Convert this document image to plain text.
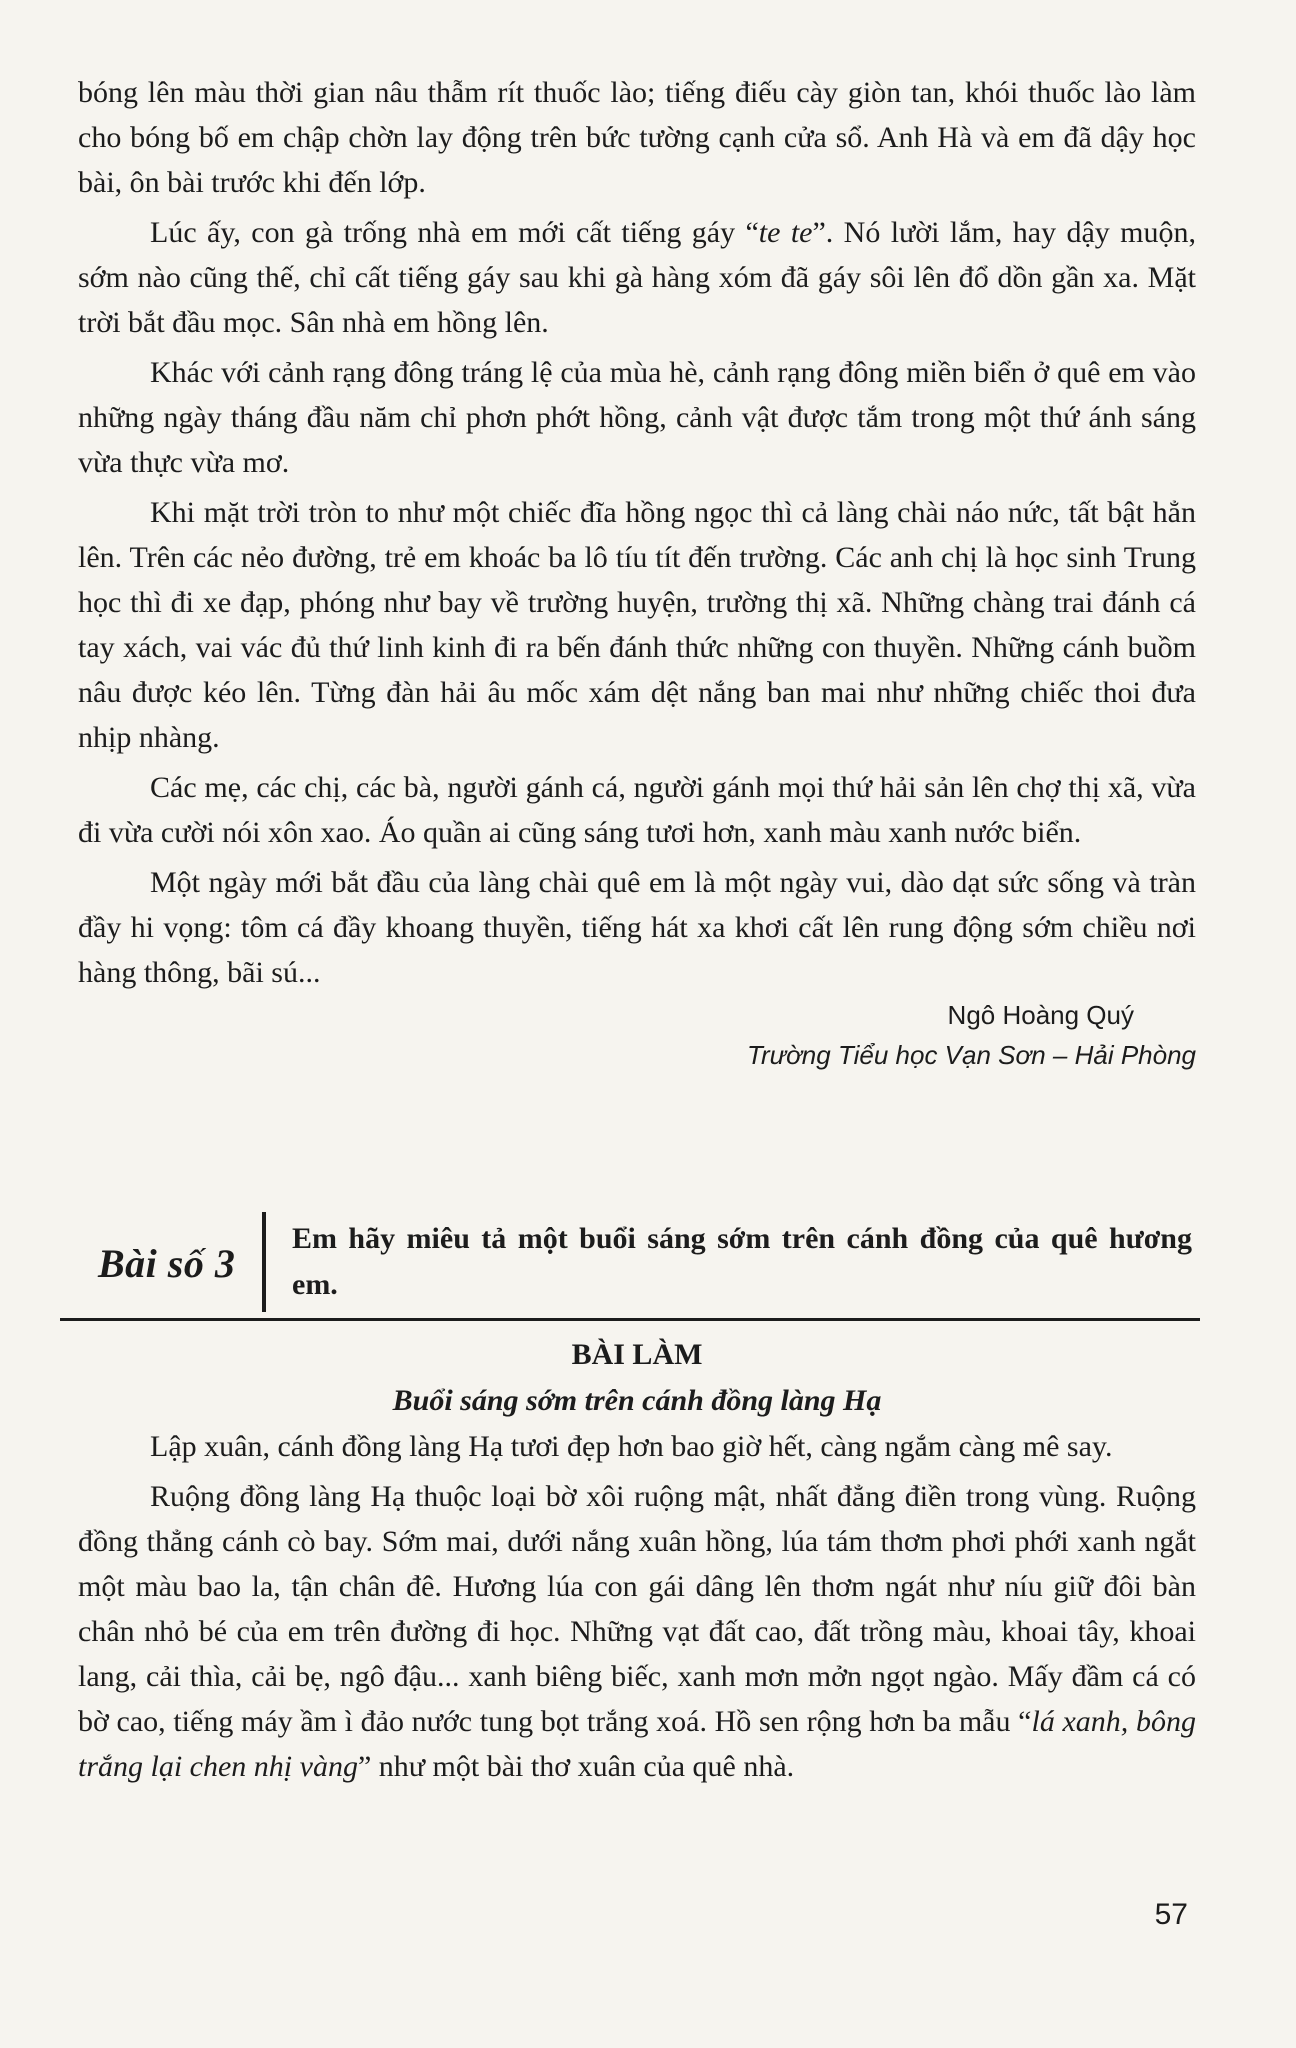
bóng lên màu thời gian nâu thẫm rít thuốc lào; tiếng điếu cày giòn tan, khói thuốc lào làm cho bóng bố em chập chờn lay động trên bức tường cạnh cửa sổ. Anh Hà và em đã dậy học bài, ôn bài trước khi đến lớp.

Lúc ấy, con gà trống nhà em mới cất tiếng gáy “te te”. Nó lười lắm, hay dậy muộn, sớm nào cũng thế, chỉ cất tiếng gáy sau khi gà hàng xóm đã gáy sôi lên đổ dồn gần xa. Mặt trời bắt đầu mọc. Sân nhà em hồng lên.

Khác với cảnh rạng đông tráng lệ của mùa hè, cảnh rạng đông miền biển ở quê em vào những ngày tháng đầu năm chỉ phơn phớt hồng, cảnh vật được tắm trong một thứ ánh sáng vừa thực vừa mơ.

Khi mặt trời tròn to như một chiếc đĩa hồng ngọc thì cả làng chài náo nức, tất bật hẳn lên. Trên các nẻo đường, trẻ em khoác ba lô tíu tít đến trường. Các anh chị là học sinh Trung học thì đi xe đạp, phóng như bay về trường huyện, trường thị xã. Những chàng trai đánh cá tay xách, vai vác đủ thứ linh kinh đi ra bến đánh thức những con thuyền. Những cánh buồm nâu được kéo lên. Từng đàn hải âu mốc xám dệt nắng ban mai như những chiếc thoi đưa nhịp nhàng.

Các mẹ, các chị, các bà, người gánh cá, người gánh mọi thứ hải sản lên chợ thị xã, vừa đi vừa cười nói xôn xao. Áo quần ai cũng sáng tươi hơn, xanh màu xanh nước biển.

Một ngày mới bắt đầu của làng chài quê em là một ngày vui, dào dạt sức sống và tràn đầy hi vọng: tôm cá đầy khoang thuyền, tiếng hát xa khơi cất lên rung động sớm chiều nơi hàng thông, bãi sú...

Ngô Hoàng Quý
Trường Tiểu học Vạn Sơn – Hải Phòng
Bài số 3
Em hãy miêu tả một buổi sáng sớm trên cánh đồng của quê hương em.

BÀI LÀM

Buổi sáng sớm trên cánh đồng làng Hạ

Lập xuân, cánh đồng làng Hạ tươi đẹp hơn bao giờ hết, càng ngắm càng mê say.

Ruộng đồng làng Hạ thuộc loại bờ xôi ruộng mật, nhất đẳng điền trong vùng. Ruộng đồng thẳng cánh cò bay. Sớm mai, dưới nắng xuân hồng, lúa tám thơm phơi phới xanh ngắt một màu bao la, tận chân đê. Hương lúa con gái dâng lên thơm ngát như níu giữ đôi bàn chân nhỏ bé của em trên đường đi học. Những vạt đất cao, đất trồng màu, khoai tây, khoai lang, cải thìa, cải bẹ, ngô đậu... xanh biêng biếc, xanh mơn mởn ngọt ngào. Mấy đầm cá có bờ cao, tiếng máy ầm ì đảo nước tung bọt trắng xoá. Hồ sen rộng hơn ba mẫu “lá xanh, bông trắng lại chen nhị vàng” như một bài thơ xuân của quê nhà.

57
